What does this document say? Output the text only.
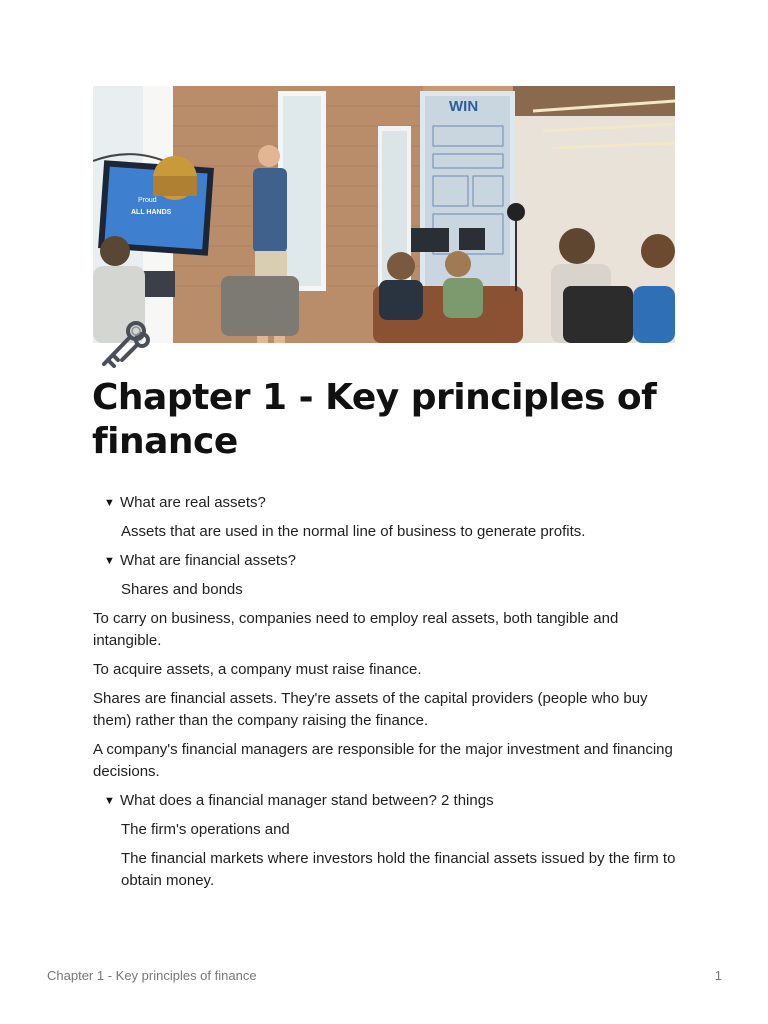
WIN
Proud
ALL HANDS
Chapter 1 - Key principles of finance
▼ What are real assets?

Assets that are used in the normal line of business to generate profits.

▼ What are financial assets?

Shares and bonds

To carry on business, companies need to employ real assets, both tangible and intangible.

To acquire assets, a company must raise finance.

Shares are financial assets. They're assets of the capital providers (people who buy them) rather than the company raising the finance.

A company's financial managers are responsible for the major investment and financing decisions.

▼ What does a financial manager stand between? 2 things

The firm's operations and

The financial markets where investors hold the financial assets issued by the firm to obtain money.

Chapter 1 - Key principles of finance	1
